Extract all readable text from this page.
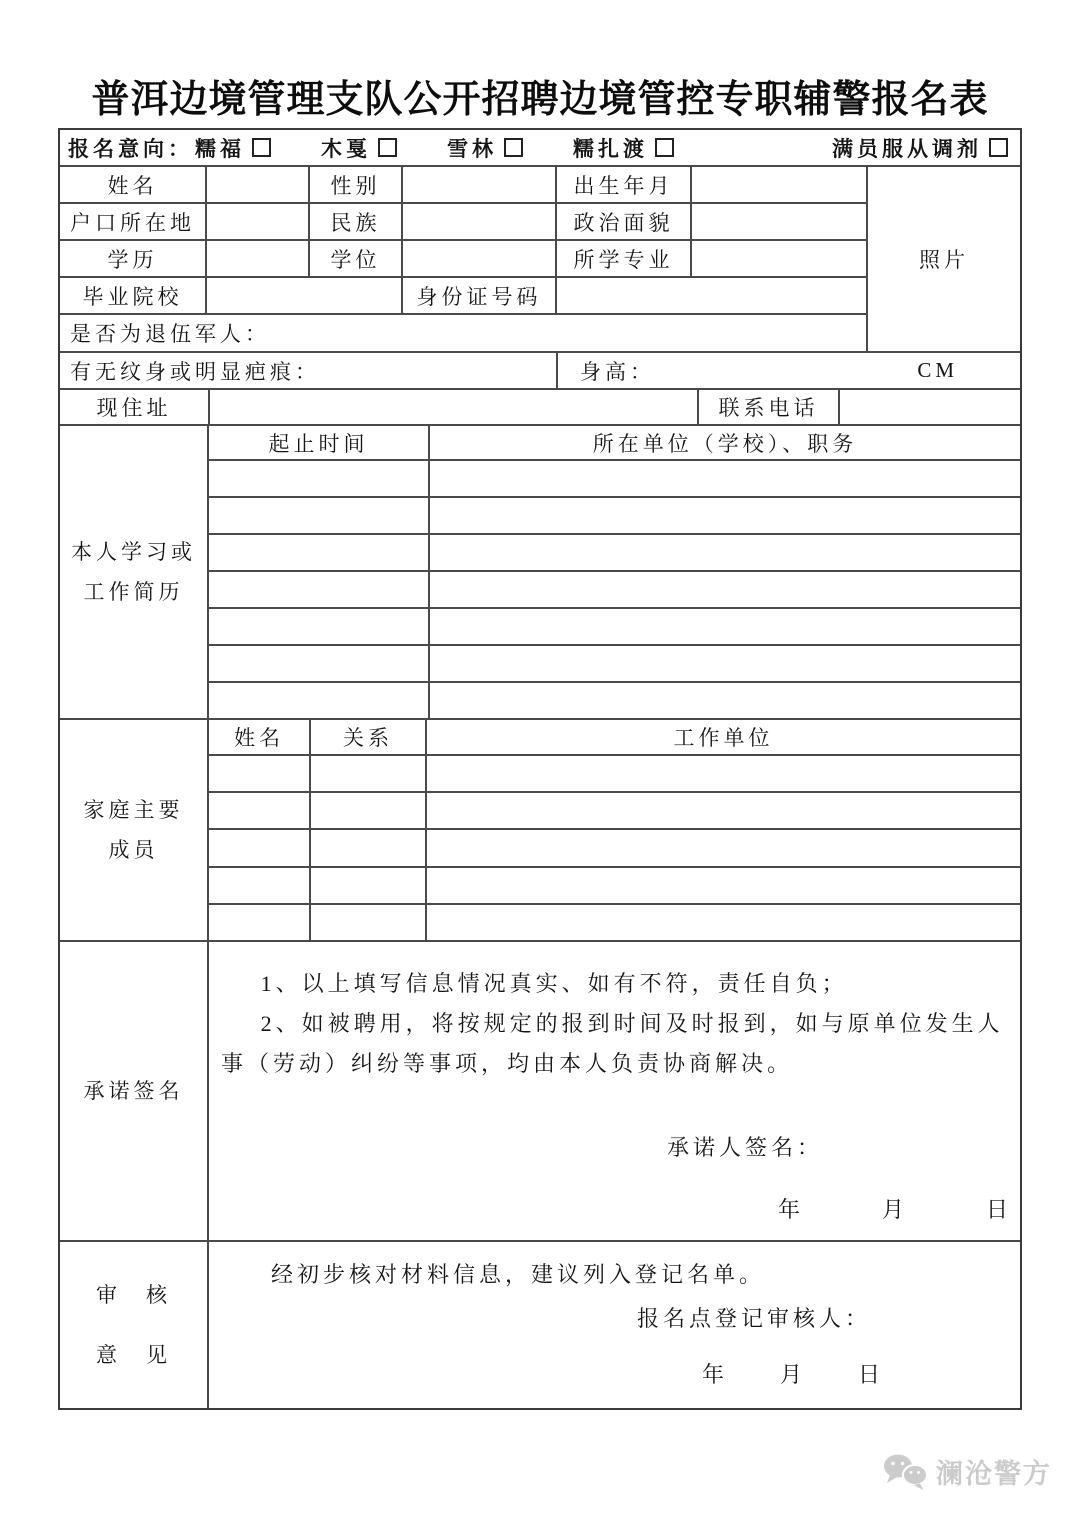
普洱边境管理支队公开招聘边境管控专职辅警报名表
报名意向： 糯福	木戛	雪林	糯扎渡	满员服从调剂
姓名	性别	出生年月
户口所在地	民族	政治面貌
学历	学位	所学专业
毕业院校	身份证号码
是否为退伍军人：
照片
有无纹身或明显疤痕：	身高：	CM
现住址	联系电话
本人学习或
工作简历
起止时间	所在单位（学校）、职务
家庭主要
成员
姓名	关系	工作单位
承诺签名

1、以上填写信息情况真实、如有不符，责任自负；

2、如被聘用，将按规定的报到时间及时报到，如与原单位发生人事（劳动）纠纷等事项，均由本人负责协商解决。

承诺人签名：
年　　　月　　　日
审　核
意　见
经初步核对材料信息，建议列入登记名单。
报名点登记审核人：
年　　月　　日
澜沧警方
